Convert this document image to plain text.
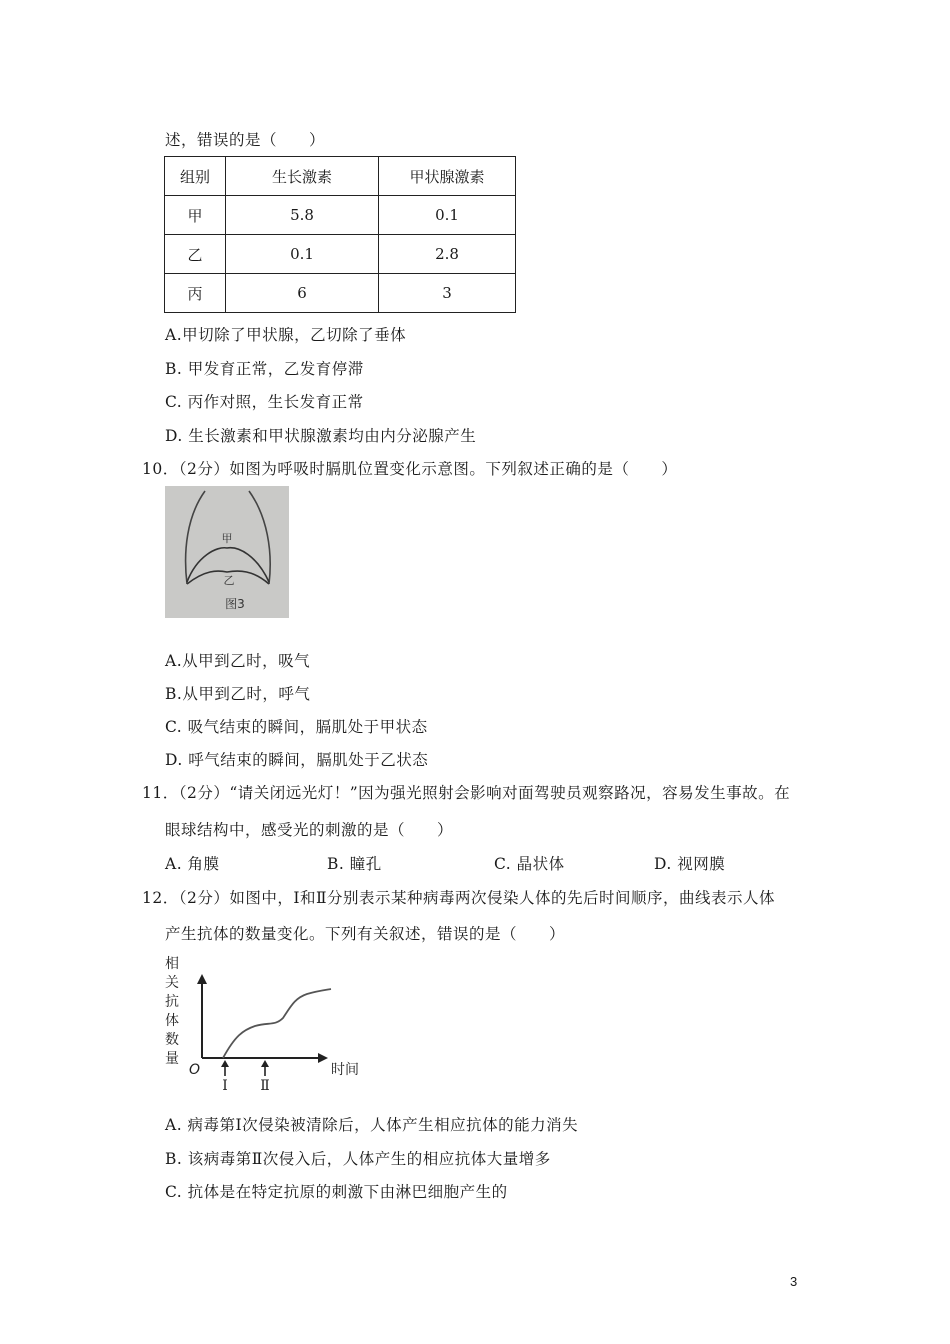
述，错误的是（　　）
组别	生长激素	甲状腺激素
甲	5.8	0.1
乙	0.1	2.8
丙	6	3
A.甲切除了甲状腺，乙切除了垂体
B. 甲发育正常，乙发育停滞
C. 丙作对照，生长发育正常
D. 生长激素和甲状腺激素均由内分泌腺产生
10．（2分）如图为呼吸时膈肌位置变化示意图。下列叙述正确的是（　　）
甲
乙
图3
A.从甲到乙时，吸气
B.从甲到乙时，呼气
C. 吸气结束的瞬间，膈肌处于甲状态
D. 呼气结束的瞬间，膈肌处于乙状态
11．（2分）“请关闭远光灯！”因为强光照射会影响对面驾驶员观察路况，容易发生事故。在
眼球结构中，感受光的刺激的是（　　）
A. 角膜	B. 瞳孔	C. 晶状体	D. 视网膜
12．（2分）如图中，Ⅰ和Ⅱ分别表示某种病毒两次侵染人体的先后时间顺序，曲线表示人体
产生抗体的数量变化。下列有关叙述，错误的是（　　）
相
关
抗
体
数
量
O	时间
Ⅰ Ⅱ
A. 病毒第Ⅰ次侵染被清除后，人体产生相应抗体的能力消失
B. 该病毒第Ⅱ次侵入后，人体产生的相应抗体大量增多
C. 抗体是在特定抗原的刺激下由淋巴细胞产生的
3
